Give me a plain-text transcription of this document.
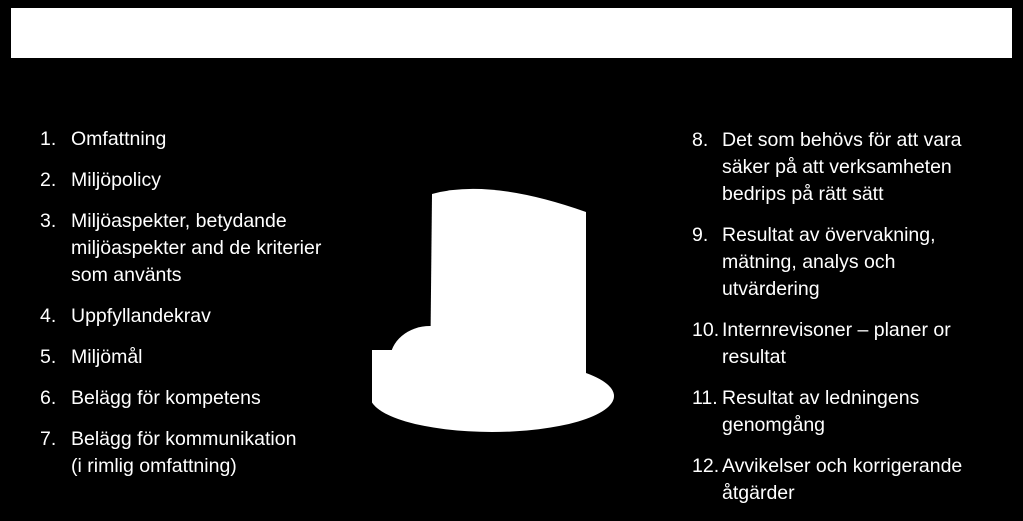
1. Omfattning
2. Miljöpolicy
3. Miljöaspekter, betydande
miljöaspekter and de kriterier
som använts
4. Uppfyllandekrav
5. Miljömål
6. Belägg för kompetens
7. Belägg för kommunikation
(i rimlig omfattning)
8. Det som behövs för att vara
säker på att verksamheten
bedrips på rätt sätt
9. Resultat av övervakning,
mätning, analys och
utvärdering
10. Internrevisoner – planer or
resultat
11. Resultat av ledningens
genomgång
12. Avvikelser och korrigerande
åtgärder
